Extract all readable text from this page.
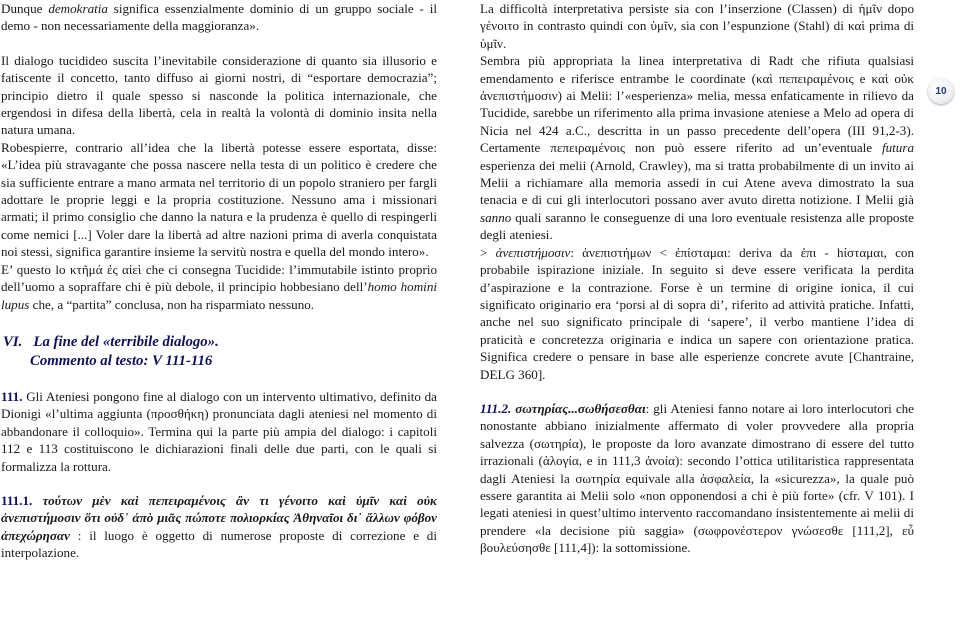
Dunque demokratia significa essenzialmente dominio di un gruppo sociale - il demo - non necessariamente della maggioranza».

Il dialogo tucidideo suscita l’inevitabile considerazione di quanto sia illusorio e fatiscente il concetto, tanto diffuso ai giorni nostri, di “esportare democrazia”; principio dietro il quale spesso si nasconde la politica internazionale, che ergendosi in difesa della libertà, cela in realtà la volontà di dominio insita nella natura umana.

Robespierre, contrario all’idea che la libertà potesse essere esportata, disse: «L’idea più stravagante che possa nascere nella testa di un politico è credere che sia sufficiente entrare a mano armata nel territorio di un popolo straniero per fargli adottare le proprie leggi e la propria costituzione. Nessuno ama i missionari armati; il primo consiglio che danno la natura e la prudenza è quello di respingerli come nemici [...] Voler dare la libertà ad altre nazioni prima di averla conquistata noi stessi, significa garantire insieme la servitù nostra e quella del mondo intero».

E’ questo lo κτῆμά ἐς αἰεὶ che ci consegna Tucidide: l’immutabile istinto proprio dell’uomo a sopraffare chi è più debole, il principio hobbesiano dell’homo homini lupus che, a “partita” conclusa, non ha risparmiato nessuno.

VI.   La fine del «terribile dialogo».
Commento al testo: V 111-116

111. Gli Ateniesi pongono fine al dialogo con un intervento ultimativo, definito da Dionigi «l’ultima aggiunta (προσθήκη) pronunciata dagli ateniesi nel momento di abbandonare il colloquio». Termina qui la parte più ampia del dialogo: i capitoli 112 e 113 costituiscono le dichiarazioni finali delle due parti, con le quali si formalizza la rottura.

111.1. τούτων μὲν καὶ πεπειραμένοις ἂν τι γένοιτο καὶ ὑμῖν καὶ οὐκ ἀνεπιστήμοσιν ὅτι οὐδ᾽ ἀπὸ μιᾶς πώποτε πολιορκίας Ἀθηναῖοι δι᾽ ἄλλων φόβον ἀπεχώρησαν : il luogo è oggetto di numerose proposte di correzione e di interpolazione.

La difficoltà interpretativa persiste sia con l’inserzione (Classen) di ἡμῖν dopo γένοιτο in contrasto quindi con ὑμῖν, sia con l’espunzione (Stahl) di καὶ prima di ὑμῖν.

Sembra più appropriata la linea interpretativa di Radt che rifiuta qualsiasi emendamento e riferisce entrambe le coordinate (καὶ πεπειραμένοις e καὶ οὐκ ἀνεπιστήμοσιν) ai Melii: l’«esperienza» melia, messa enfaticamente in rilievo da Tucidide, sarebbe un riferimento alla prima invasione ateniese a Melo ad opera di Nicia nel 424 a.C., descritta in un passo precedente dell’opera (III 91,2-3). Certamente πεπειραμένοις non può essere riferito ad un’eventuale futura esperienza dei melii (Arnold, Crawley), ma si tratta probabilmente di un invito ai Melii a richiamare alla memoria assedi in cui Atene aveva dimostrato la sua tenacia e di cui gli interlocutori possano aver avuto diretta notizione. I Melii già sanno quali saranno le conseguenze di una loro eventuale resistenza alle proposte degli ateniesi.

> ἀνεπιστήμοσιν: ἀνεπιστήμων < ἐπίσταμαι: deriva da ἐπι - hίσταμαι, con probabile ispirazione iniziale. In seguito si deve essere verificata la perdita d’aspirazione e la contrazione. Forse è un termine di origine ionica, il cui significato originario era ‘porsi al di sopra di’, riferito ad attività pratiche. Infatti, anche nel suo significato principale di ‘sapere’, il verbo mantiene l’idea di praticità e concretezza originaria e indica un sapere con orientazione pratica. Significa credere o pensare in base alle esperienze concrete avute [Chantraine, DELG 360].

111.2. σωτηρίας...σωθήσεσθαι: gli Ateniesi fanno notare ai loro interlocutori che nonostante abbiano inizialmente affermato di voler provvedere alla propria salvezza (σωτηρία), le proposte da loro avanzate dimostrano di essere del tutto irrazionali (ἀλογία, e in 111,3 ἀνοία): secondo l’ottica utilitaristica rappresentata dagli Ateniesi la σωτηρία equivale alla ἀσφαλεία, la «sicurezza», la quale può essere garantita ai Melii solo «non opponendosi a chi è più forte» (cfr. V 101). I legati ateniesi in quest’ultimo intervento raccomandano insistentemente ai melii di prendere «la decisione più saggia» (σωφρονέστερον γνώσεσθε [111,2], εὖ βουλεύσησθε [111,4]): la sottomissione.

10
